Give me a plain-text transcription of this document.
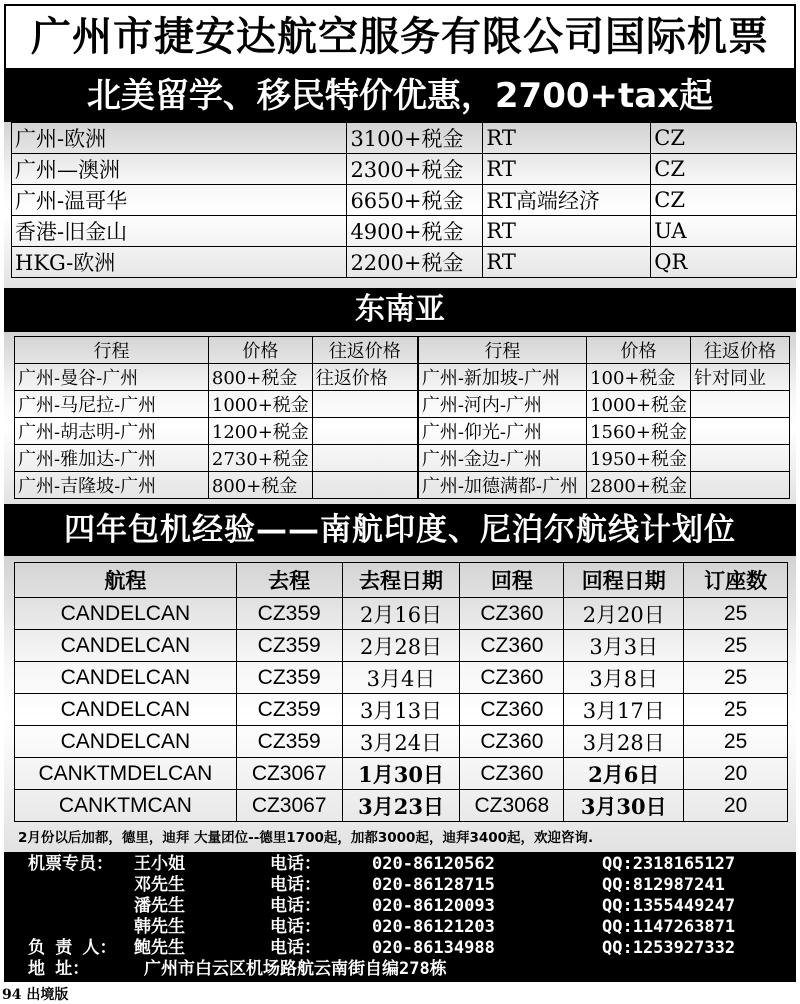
广州市捷安达航空服务有限公司国际机票
北美留学、移民特价优惠，2700+tax起
广州-欧洲	3100+税金	RT	CZ
广州—澳洲	2300+税金	RT	CZ
广州-温哥华	6650+税金	RT高端经济	CZ
香港-旧金山	4900+税金	RT	UA
HKG-欧洲	2200+税金	RT	QR
东南亚
行程	价格	往返价格	行程	价格	往返价格
广州-曼谷-广州	800+税金	往返价格	广州-新加坡-广州	100+税金	针对同业
广州-马尼拉-广州	1000+税金		广州-河内-广州	1000+税金	
广州-胡志明-广州	1200+税金		广州-仰光-广州	1560+税金	
广州-雅加达-广州	2730+税金		广州-金边-广州	1950+税金	
广州-吉隆坡-广州	800+税金		广州-加德满都-广州	2800+税金	
四年包机经验——南航印度、尼泊尔航线计划位
航程	去程	去程日期	回程	回程日期	订座数
CANDELCAN	CZ359	2月16日	CZ360	2月20日	25
CANDELCAN	CZ359	2月28日	CZ360	3月3日	25
CANDELCAN	CZ359	3月4日	CZ360	3月8日	25
CANDELCAN	CZ359	3月13日	CZ360	3月17日	25
CANDELCAN	CZ359	3月24日	CZ360	3月28日	25
CANKTMDELCAN	CZ3067	1月30日	CZ360	2月6日	20
CANKTMCAN	CZ3067	3月23日	CZ3068	3月30日	20
2月份以后加都，德里，迪拜 大量团位--德里1700起，加都3000起，迪拜3400起，欢迎咨询.
机票专员： 王小姐	电话：	020-86120562	QQ:2318165127
邓先生	电话：	020-86128715	QQ:812987241
潘先生	电话：	020-86120093	QQ:1355449247
韩先生	电话：	020-86121203	QQ:1147263871
负 责 人： 鲍先生	电话：	020-86134988	QQ:1253927332
地 址：	广州市白云区机场路航云南街自编278栋
94 出境版
